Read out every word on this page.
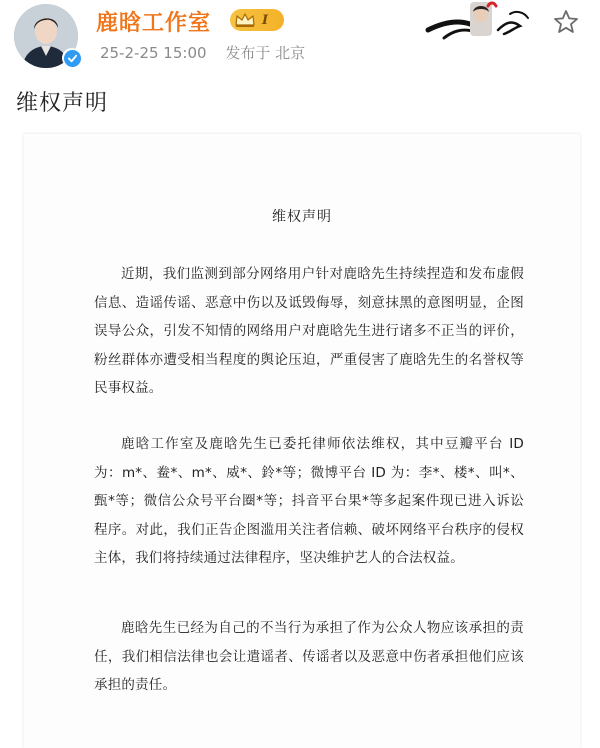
鹿晗工作室	I
25-2-25 15:00 发布于 北京
维权声明
维权声明
近期，我们监测到部分网络用户针对鹿晗先生持续捏造和发布虚假信息、造谣传谣、恶意中伤以及诋毁侮辱，刻意抹黑的意图明显，企图误导公众，引发不知情的网络用户对鹿晗先生进行诸多不正当的评价，粉丝群体亦遭受相当程度的舆论压迫，严重侵害了鹿晗先生的名誉权等民事权益。
鹿晗工作室及鹿晗先生已委托律师依法维权，其中豆瓣平台 ID 为：m*、鲞*、m*、威*、鈴*等；微博平台 ID 为：李*、楼*、叫*、甄*等；微信公众号平台圈*等；抖音平台果*等多起案件现已进入诉讼程序。对此，我们正告企图滥用关注者信赖、破坏网络平台秩序的侵权主体，我们将持续通过法律程序，坚决维护艺人的合法权益。
鹿晗先生已经为自己的不当行为承担了作为公众人物应该承担的责任，我们相信法律也会让遣谣者、传谣者以及恶意中伤者承担他们应该承担的责任。
